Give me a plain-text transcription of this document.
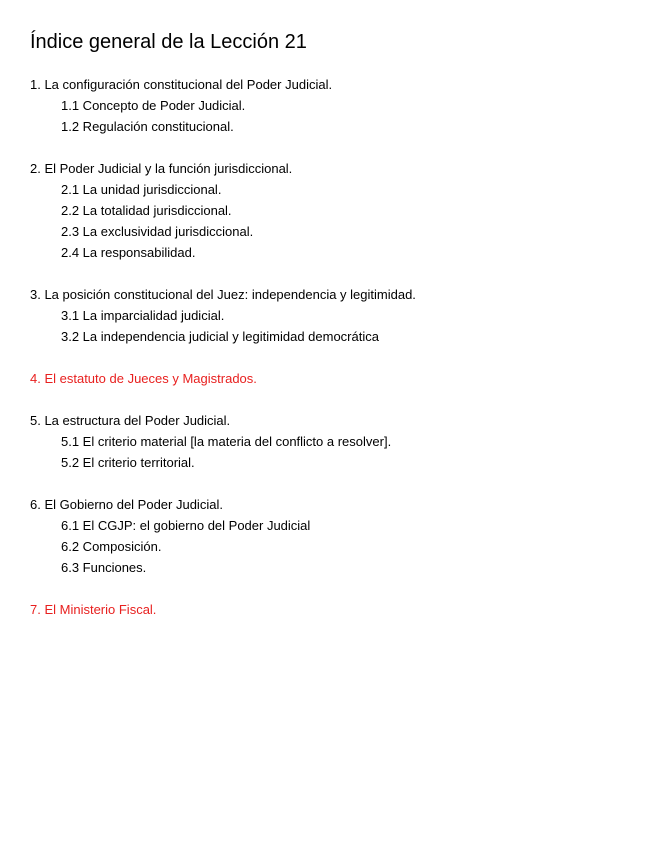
Índice general de la Lección 21
1. La configuración constitucional del Poder Judicial.
1.1 Concepto de Poder Judicial.
1.2 Regulación constitucional.
2. El Poder Judicial y la función jurisdiccional.
2.1 La unidad jurisdiccional.
2.2 La totalidad jurisdiccional.
2.3 La exclusividad jurisdiccional.
2.4 La responsabilidad.
3. La posición constitucional del Juez: independencia y legitimidad.
3.1 La imparcialidad judicial.
3.2 La independencia judicial y legitimidad democrática
4. El estatuto de Jueces y Magistrados.
5. La estructura del Poder Judicial.
5.1 El criterio material [la materia del conflicto a resolver].
5.2 El criterio territorial.
6. El Gobierno del Poder Judicial.
6.1 El CGJP: el gobierno del Poder Judicial
6.2 Composición.
6.3 Funciones.
7. El Ministerio Fiscal.
